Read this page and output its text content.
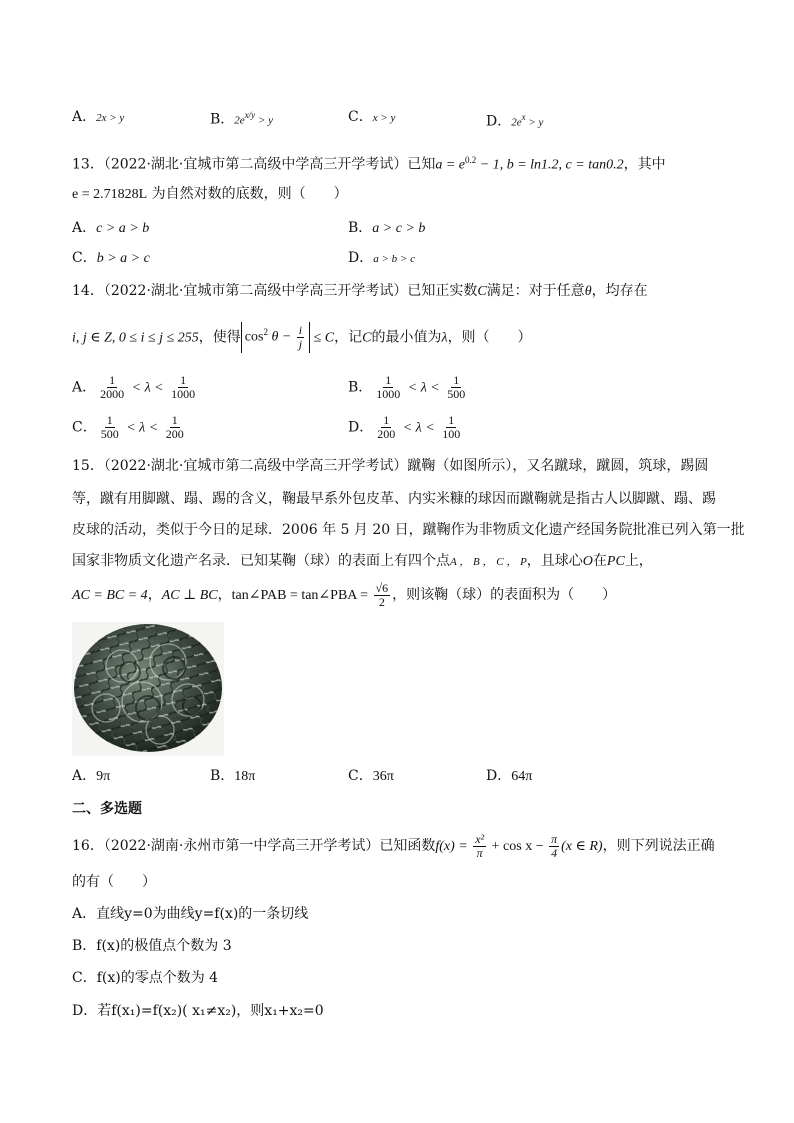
A．2x > y	B．$2e^{x/y} > y$	C．x > y	D．$2e^x > y$
13．（2022·湖北·宜城市第二高级中学高三开学考试）已知$a = e^{0.2} - 1$, b = ln1.2, c = tan0.2，其中
e = 2.71828L 为自然对数的底数，则（　　）
A．c > a > b	B．a > c > b
C．b > a > c	D．a > b > c
14．（2022·湖北·宜城市第二高级中学高三开学考试）已知正实数C满足：对于任意θ，均存在
i, j ∈ Z, 0 ≤ i ≤ j ≤ 255，使得 $\cos^2 \theta - \frac{i}{j} \le C$，记C的最小值为λ，则（　　）
A． $\frac{1}{2000} < \lambda < \frac{1}{1000}$	B． $\frac{1}{1000} < \lambda < \frac{1}{500}$
C． $\frac{1}{500} < \lambda < \frac{1}{200}$	D． $\frac{1}{200} < \lambda < \frac{1}{100}$
15．（2022·湖北·宜城市第二高级中学高三开学考试）蹴鞠（如图所示），又名蹴球，蹴圆，筑球，踢圆
等，蹴有用脚蹴、蹋、踢的含义，鞠最早系外包皮革、内实米糠的球因而蹴鞠就是指古人以脚蹴、蹋、踢
皮球的活动，类似于今日的足球．2006 年 5 月 20 日，蹴鞠作为非物质文化遗产经国务院批准已列入第一批
国家非物质文化遗产名录．已知某鞠（球）的表面上有四个点A ， B ， C ， P，且球心O在PC上，
AC = BC = 4，AC ⊥ BC，tan∠PAB = tan∠PBA = $\frac{√6}{2}$ ，则该鞠（球）的表面积为（　　）
A．9π	B．18π	C．36π	D．64π
二、多选题
16．（2022·湖南·永州市第一中学高三开学考试）已知函数$f(x) = \frac{\text{x²}}{\pi} + \cos x - \frac{\pi}{4} (x$ ∈ R)，则下列说法正确
的有（　　）
A．直线y=0为曲线y=f(x)的一条切线
B．f(x)的极值点个数为 3
C．f(x)的零点个数为 4
D．若f(x₁)=f(x₂)( x₁≠x₂)，则x₁+x₂=0
